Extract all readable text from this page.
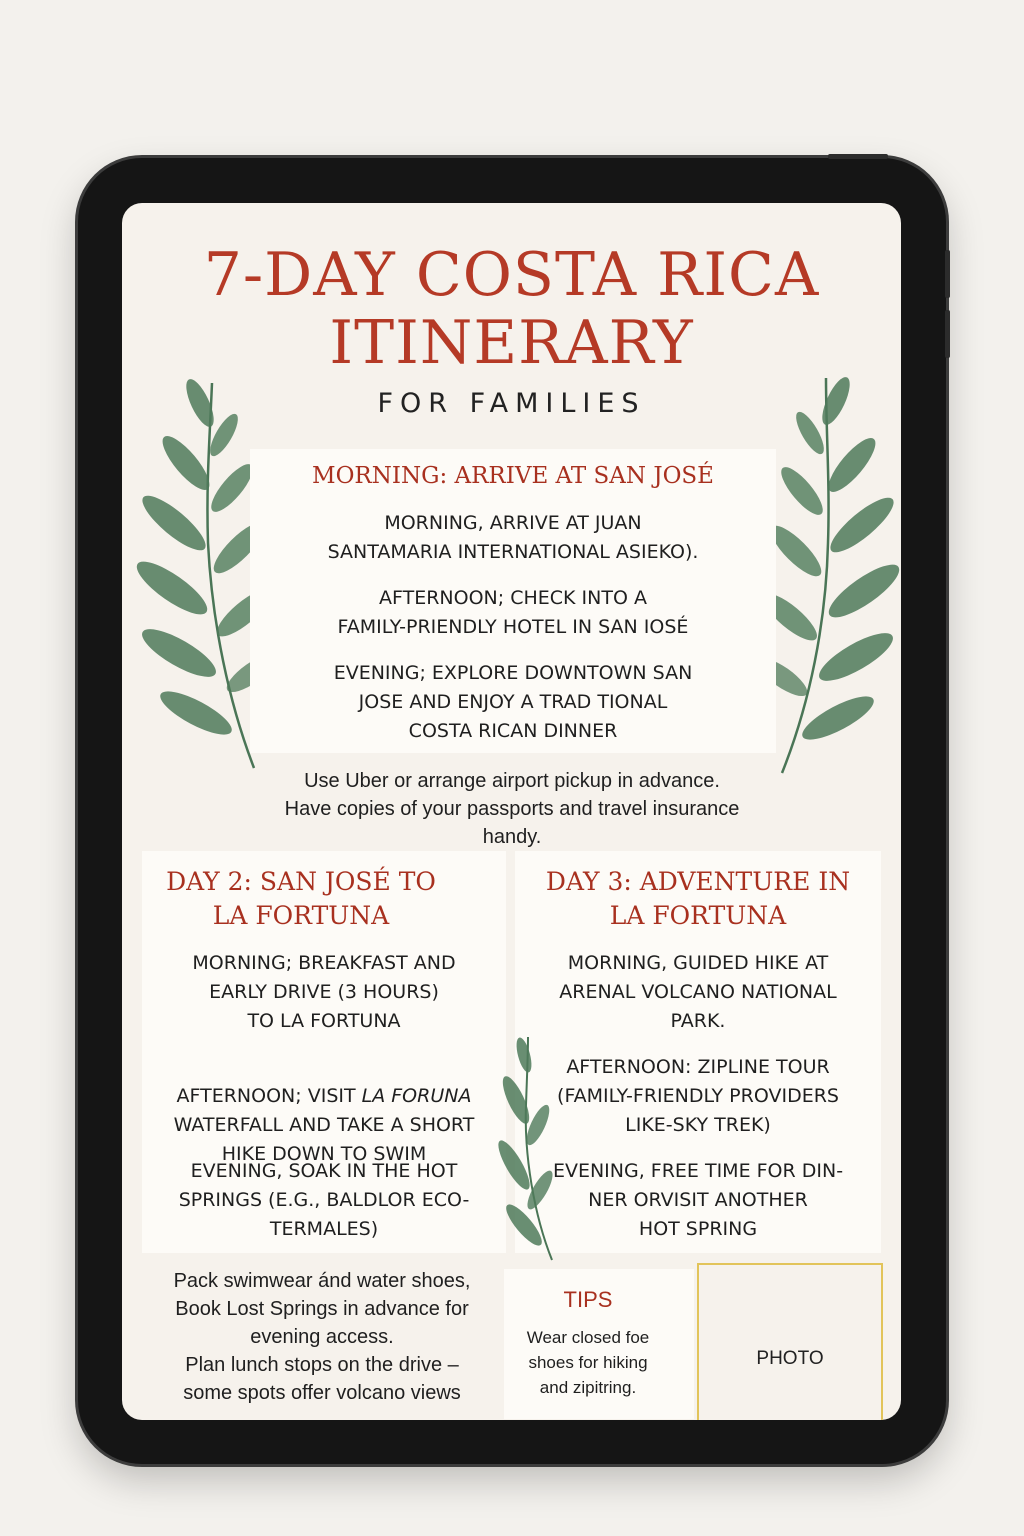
7-DAY COSTA RICA
ITINERARY
FOR FAMILIES
MORNING: ARRIVE AT SAN JOSÉ
MORNING, ARRIVE AT JUAN
SANTAMARIA INTERNATIONAL ASIEKO).
AFTERNOON; CHECK INTO A
FAMILY-PRIENDLY HOTEL IN SAN IOSÉ
EVENING; EXPLORE DOWNTOWN SAN
JOSE AND ENJOY A TRAD TIONAL
COSTA RICAN DINNER
Use Uber or arrange airport pickup in advance.
Have copies of your passports and travel insurance
handy.
DAY 2: SAN JOSÉ TO
LA FORTUNA
MORNING; BREAKFAST AND
EARLY DRIVE (3 HOURS)
TO LA FORTUNA

AFTERNOON; VISIT LA FORUNA

WATERFALL AND TAKE A SHORT
HIKE DOWN TO SWIM

EVENING, SOAK IN THE HOT
SPRINGS (E.G., BALDLOR ECO-
TERMALES)
DAY 3: ADVENTURE IN
LA FORTUNA
MORNING, GUIDED HIKE AT
ARENAL VOLCANO NATIONAL
PARK.
AFTERNOON: ZIPLINE TOUR
(FAMILY-FRIENDLY PROVIDERS
LIKE-SKY TREK)
EVENING, FREE TIME FOR DIN-
NER ORVISIT ANOTHER
HOT SPRING
Pack swimwear ánd water shoes,
Book Lost Springs in advance for
evening access.
Plan lunch stops on the drive –
some spots offer volcano views
TIPS
Wear closed foe
shoes for hiking
and zipitring.
PHOTO
